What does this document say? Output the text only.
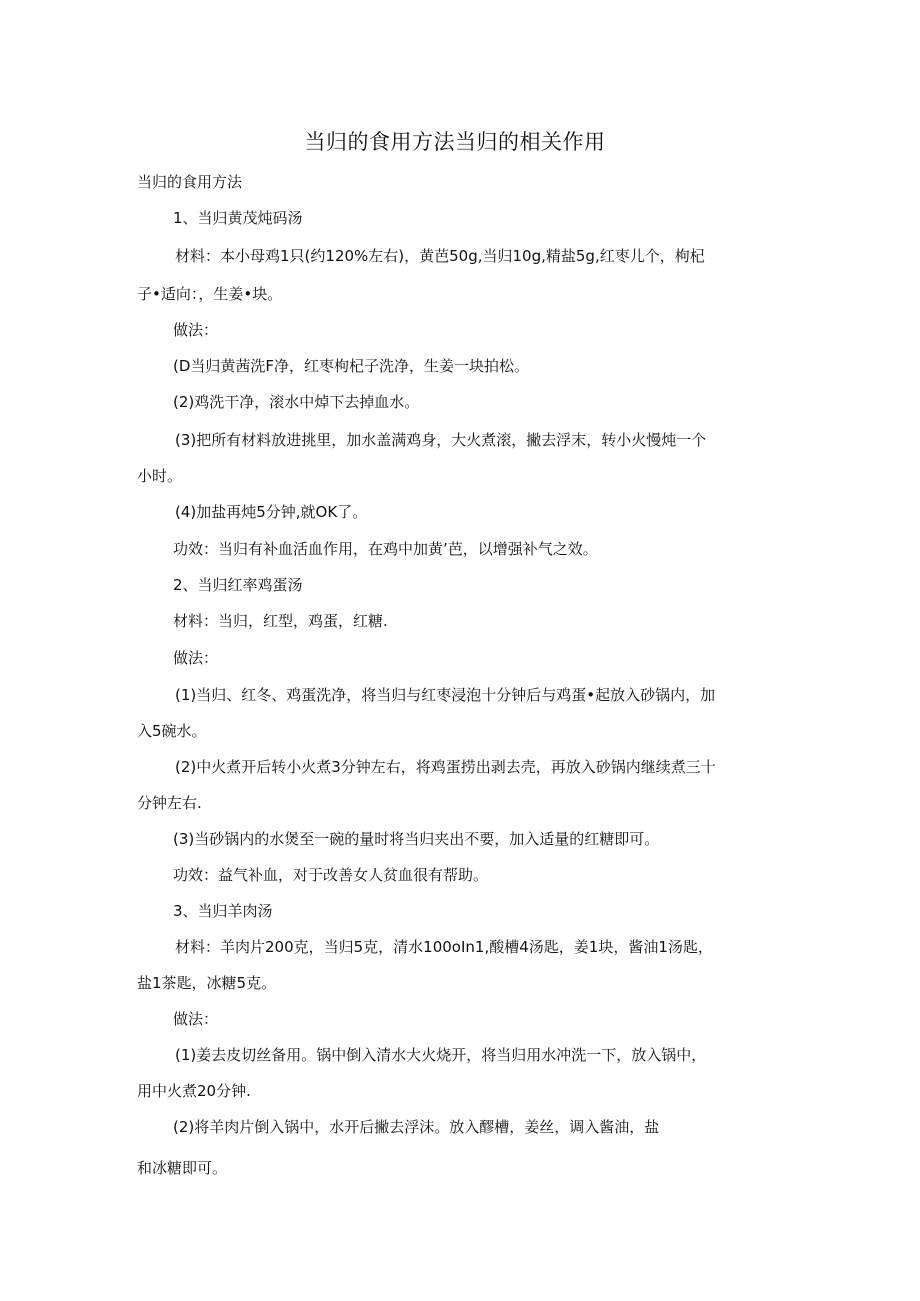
当归的食用方法当归的相关作用
当归的食用方法
1、当归黄茂炖码汤
材料：本小母鸡1只(约120%左右)，黄芭50g,当归10g,精盐5g,红枣儿个，枸杞
子•适向：，生姜•块。
做法：
(D当归黄茜洗F净，红枣枸杞子洗净，生姜一块拍松。
(2)鸡洗干净，滚水中焯下去掉血水。
(3)把所有材料放进挑里，加水盖满鸡身，大火煮滚，撇去浮末，转小火慢炖一个
小时。
(4)加盐再炖5分钟,就OK了。
功效：当归有补血活血作用，在鸡中加黄’芭，以增强补气之效。
2、当归红率鸡蛋汤
材料：当归，红型，鸡蛋，红糖.
做法：
(1)当归、红冬、鸡蛋洗净，将当归与红枣浸泡十分钟后与鸡蛋•起放入砂锅内，加
入5碗水。
(2)中火煮开后转小火煮3分钟左右，将鸡蛋捞出剥去壳，再放入砂锅内继续煮三十
分钟左右.
(3)当砂锅内的水煲至一碗的量时将当归夹出不要，加入适量的红糖即可。
功效：益气补血，对于改善女人贫血很有帮助。
3、当归羊肉汤
材料：羊肉片200克，当归5克，清水100oIn1,酸槽4汤匙，姜1块，酱油1汤匙，
盐1茶匙，冰糖5克。
做法：
(1)姜去皮切丝备用。锅中倒入清水大火烧开，将当归用水冲洗一下，放入锅中，
用中火煮20分钟.
(2)将羊肉片倒入锅中，水开后撇去浮沫。放入醪槽，姜丝，调入酱油，盐
和冰糖即可。
